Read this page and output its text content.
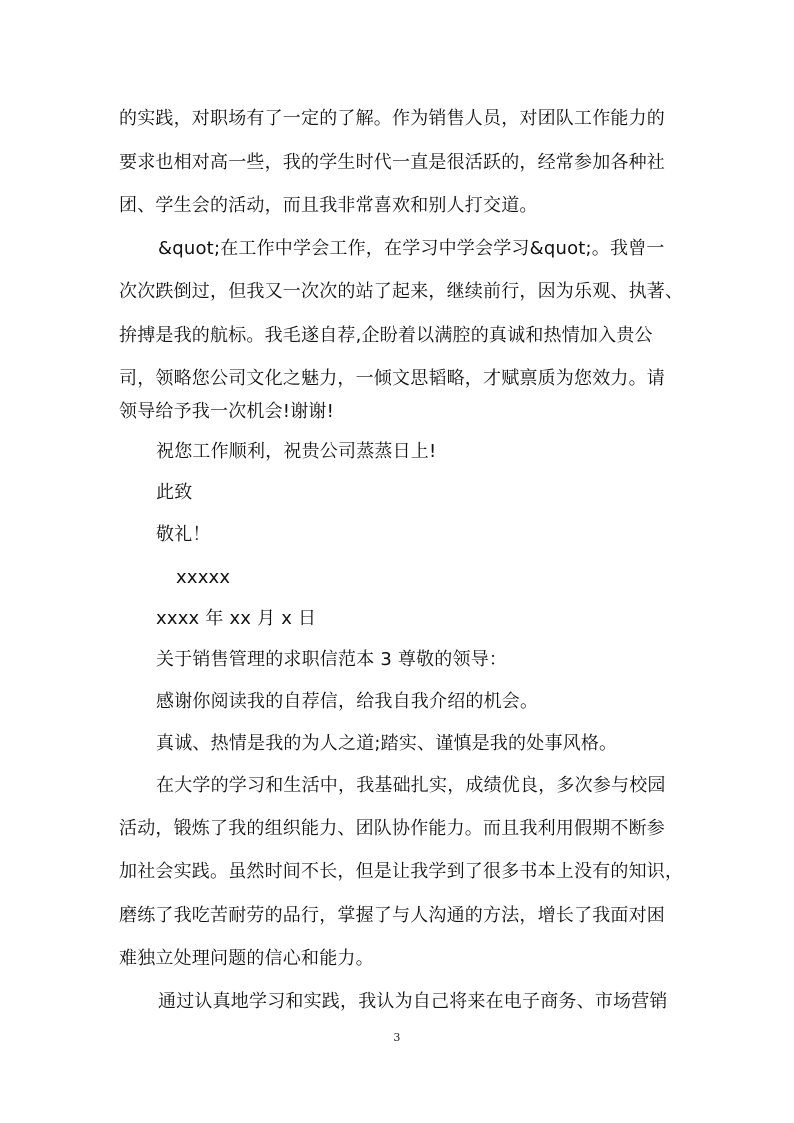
的实践，对职场有了一定的了解。作为销售人员，对团队工作能力的
要求也相对高一些，我的学生时代一直是很活跃的，经常参加各种社
团、学生会的活动，而且我非常喜欢和别人打交道。
&quot;在工作中学会工作，在学习中学会学习&quot;。我曾一
次次跌倒过，但我又一次次的站了起来，继续前行，因为乐观、执著、
拚搏是我的航标。我毛遂自荐,企盼着以满腔的真诚和热情加入贵公
司，领略您公司文化之魅力，一倾文思韬略，才赋禀质为您效力。请
领导给予我一次机会!谢谢!
祝您工作顺利，祝贵公司蒸蒸日上!
此致
敬礼！
xxxxx
xxxx 年 xx 月 x 日
关于销售管理的求职信范本 3 尊敬的领导：
感谢你阅读我的自荐信，给我自我介绍的机会。
真诚、热情是我的为人之道;踏实、谨慎是我的处事风格。
在大学的学习和生活中，我基础扎实，成绩优良，多次参与校园
活动，锻炼了我的组织能力、团队协作能力。而且我利用假期不断参
加社会实践。虽然时间不长，但是让我学到了很多书本上没有的知识，
磨练了我吃苦耐劳的品行，掌握了与人沟通的方法，增长了我面对困
难独立处理问题的信心和能力。
通过认真地学习和实践，我认为自己将来在电子商务、市场营销
3
